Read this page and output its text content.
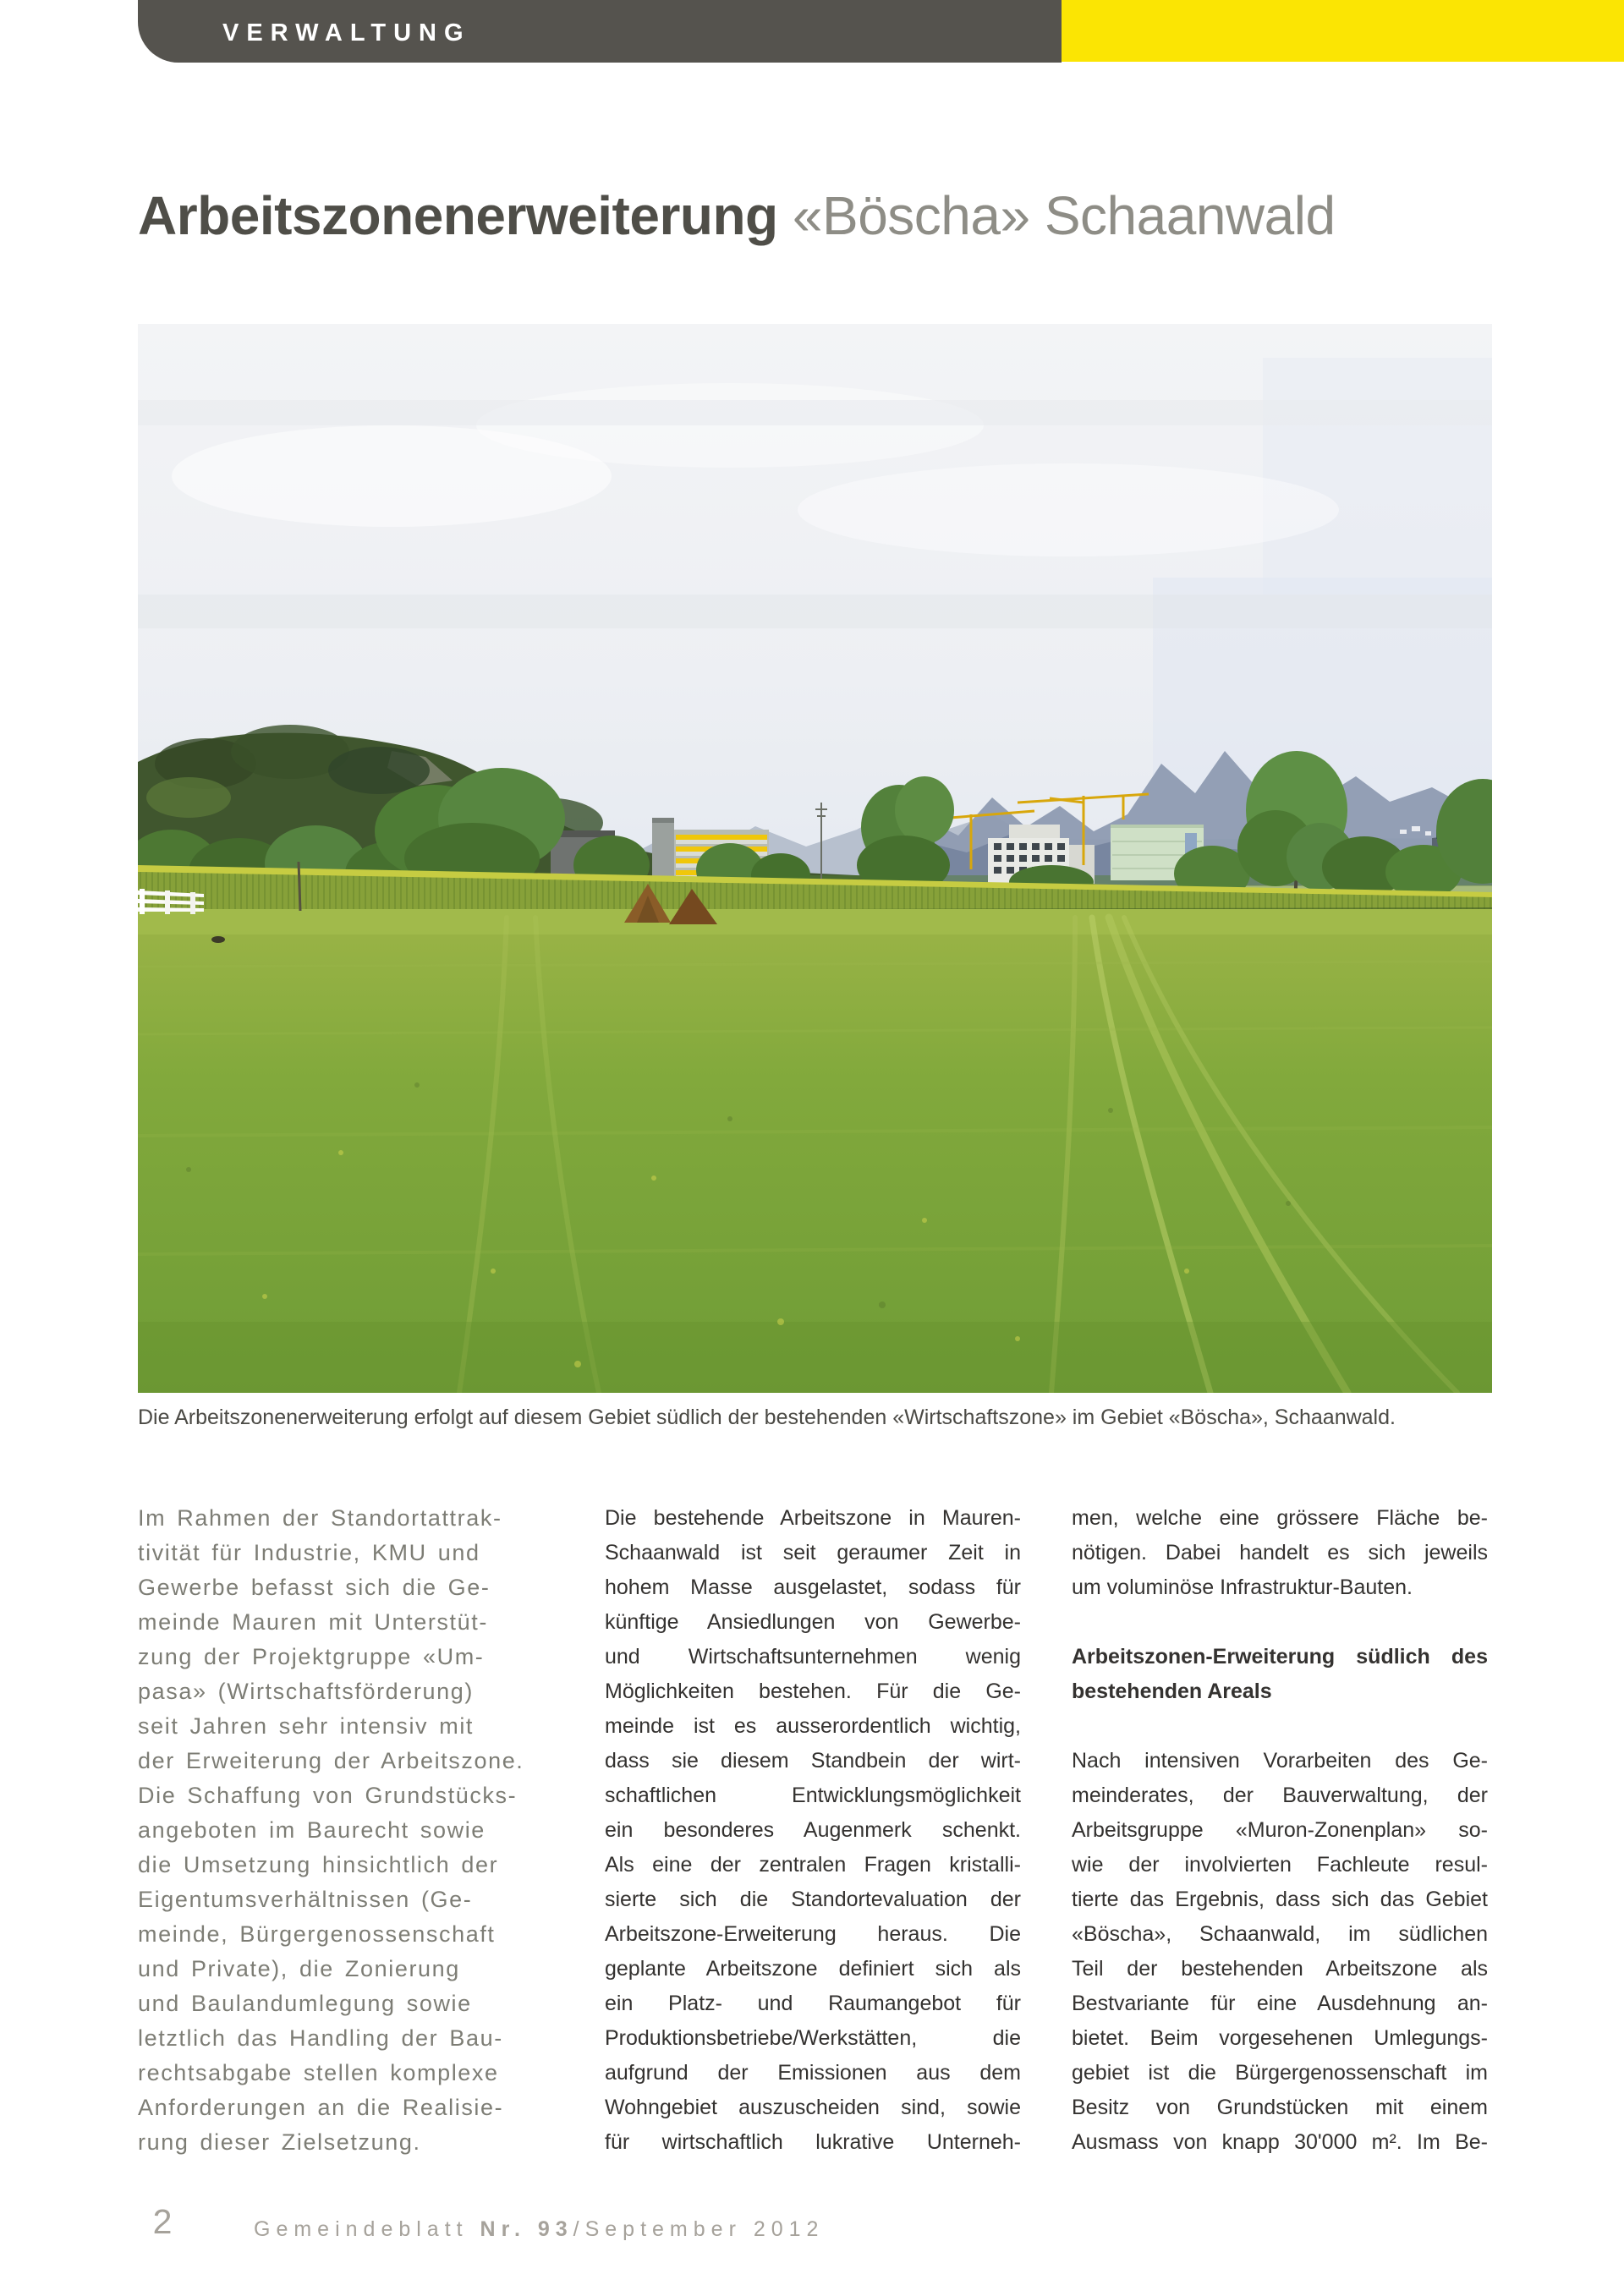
VERWALTUNG
Arbeitszonenerweiterung «Böscha» Schaanwald
Die Arbeitszonenerweiterung erfolgt auf diesem Gebiet südlich der bestehenden «Wirtschaftszone» im Gebiet «Böscha», Schaanwald.
Im Rahmen der Standortattrak-
tivität für Industrie, KMU und
Gewerbe befasst sich die Ge-
meinde Mauren mit Unterstüt-
zung der Projektgruppe «Um-
pasa» (Wirtschaftsförderung)
seit Jahren sehr intensiv mit
der Erweiterung der Arbeitszone.
Die Schaffung von Grundstücks-
angeboten im Baurecht sowie
die Umsetzung hinsichtlich der
Eigentumsverhältnissen (Ge-
meinde, Bürgergenossenschaft
und Private), die Zonierung
und Baulandumlegung sowie
letztlich das Handling der Bau-
rechtsabgabe stellen komplexe
Anforderungen an die Realisie-
rung dieser Zielsetzung.
Die bestehende Arbeitszone in Mauren-
Schaanwald ist seit geraumer Zeit in
hohem Masse ausgelastet, sodass für
künftige Ansiedlungen von Gewerbe-
und Wirtschaftsunternehmen wenig
Möglichkeiten bestehen. Für die Ge-
meinde ist es ausserordentlich wichtig,
dass sie diesem Standbein der wirt-
schaftlichen Entwicklungsmöglichkeit
ein besonderes Augenmerk schenkt.
Als eine der zentralen Fragen kristalli-
sierte sich die Standortevaluation der
Arbeitszone-Erweiterung heraus. Die
geplante Arbeitszone definiert sich als
ein Platz- und Raumangebot für
Produktionsbetriebe/Werkstätten, die
aufgrund der Emissionen aus dem
Wohngebiet auszuscheiden sind, sowie
für wirtschaftlich lukrative Unterneh-
men, welche eine grössere Fläche be-
nötigen. Dabei handelt es sich jeweils
um voluminöse Infrastruktur-Bauten.
Arbeitszonen-Erweiterung südlich des
bestehenden Areals
Nach intensiven Vorarbeiten des Ge-
meinderates, der Bauverwaltung, der
Arbeitsgruppe «Muron-Zonenplan» so-
wie der involvierten Fachleute resul-
tierte das Ergebnis, dass sich das Gebiet
«Böscha», Schaanwald, im südlichen
Teil der bestehenden Arbeitszone als
Bestvariante für eine Ausdehnung an-
bietet. Beim vorgesehenen Umlegungs-
gebiet ist die Bürgergenossenschaft im
Besitz von Grundstücken mit einem
Ausmass von knapp 30'000 m². Im Be-
2	Gemeindeblatt Nr. 93/September 2012
